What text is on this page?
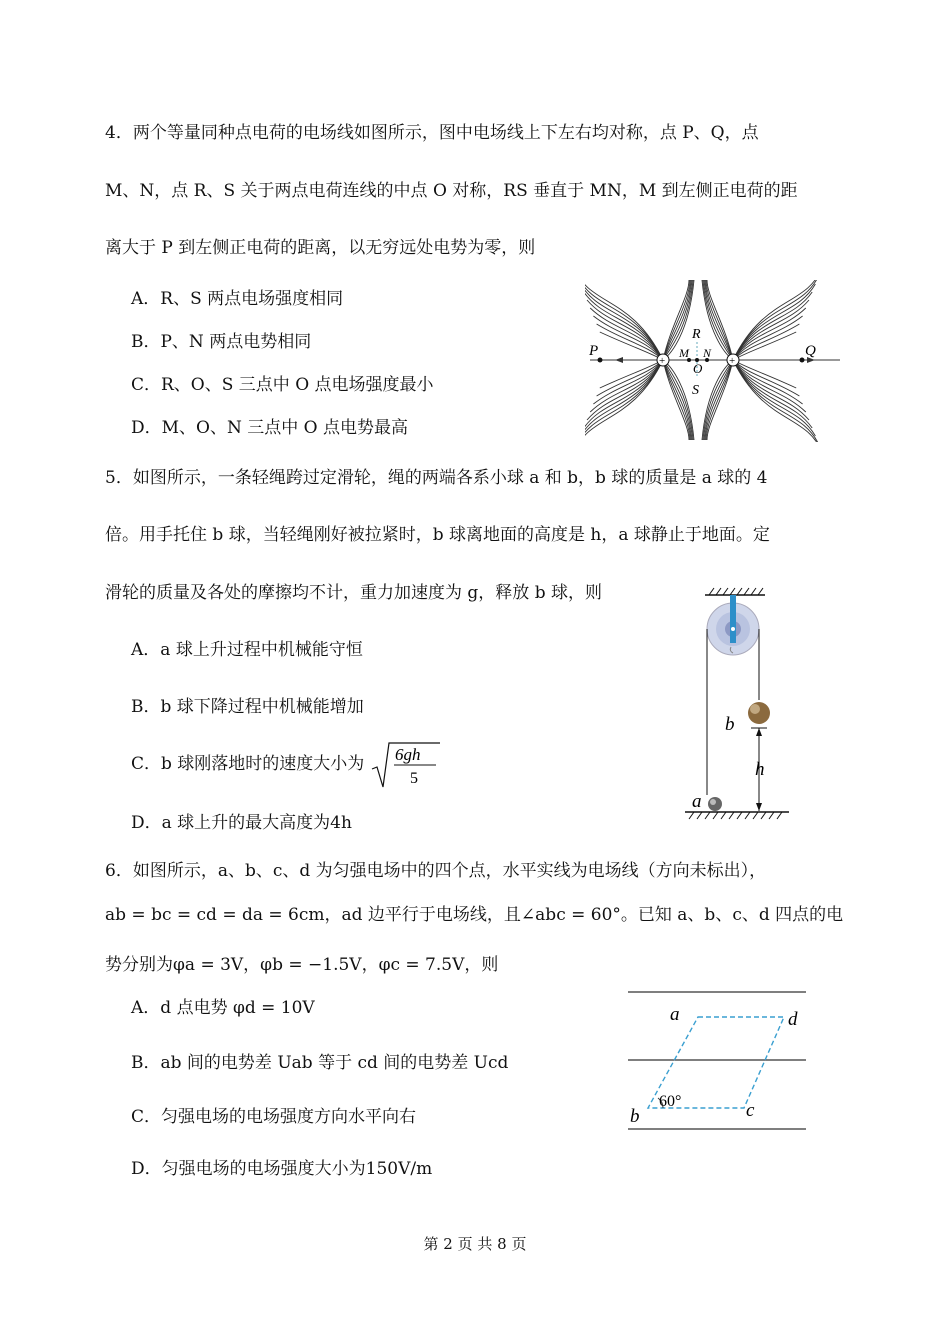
4．两个等量同种点电荷的电场线如图所示，图中电场线上下左右均对称，点 P、Q，点
M、N，点 R、S 关于两点电荷连线的中点 O 对称，RS 垂直于 MN，M 到左侧正电荷的距
离大于 P 到左侧正电荷的距离，以无穷远处电势为零，则
A．R、S 两点电场强度相同
B．P、N 两点电势相同
C．R、O、S 三点中 O 点电场强度最小
D．M、O、N 三点中 O 点电势最高
+	+
P	Q
R
M N
O
S
5．如图所示，一条轻绳跨过定滑轮，绳的两端各系小球 a 和 b，b 球的质量是 a 球的 4
倍。用手托住 b 球，当轻绳刚好被拉紧时，b 球离地面的高度是 h，a 球静止于地面。定
滑轮的质量及各处的摩擦均不计，重力加速度为 g，释放 b 球，则
A．a 球上升过程中机械能守恒
B．b 球下降过程中机械能增加
C．b 球刚落地时的速度大小为 6gh
5
D．a 球上升的最大高度为4h
b
h
a
6．如图所示，a、b、c、d 为匀强电场中的四个点，水平实线为电场线（方向未标出），
ab = bc = cd = da = 6cm，ad 边平行于电场线，且∠abc = 60°。已知 a、b、c、d 四点的电
势分别为φa = 3V，φb = −1.5V，φc = 7.5V，则
A．d 点电势 φd = 10V
B．ab 间的电势差 Uab 等于 cd 间的电势差 Ucd
C．匀强电场的电场强度方向水平向右
D．匀强电场的电场强度大小为150V/m
a	d
b	c
60°
第 2 页 共 8 页
